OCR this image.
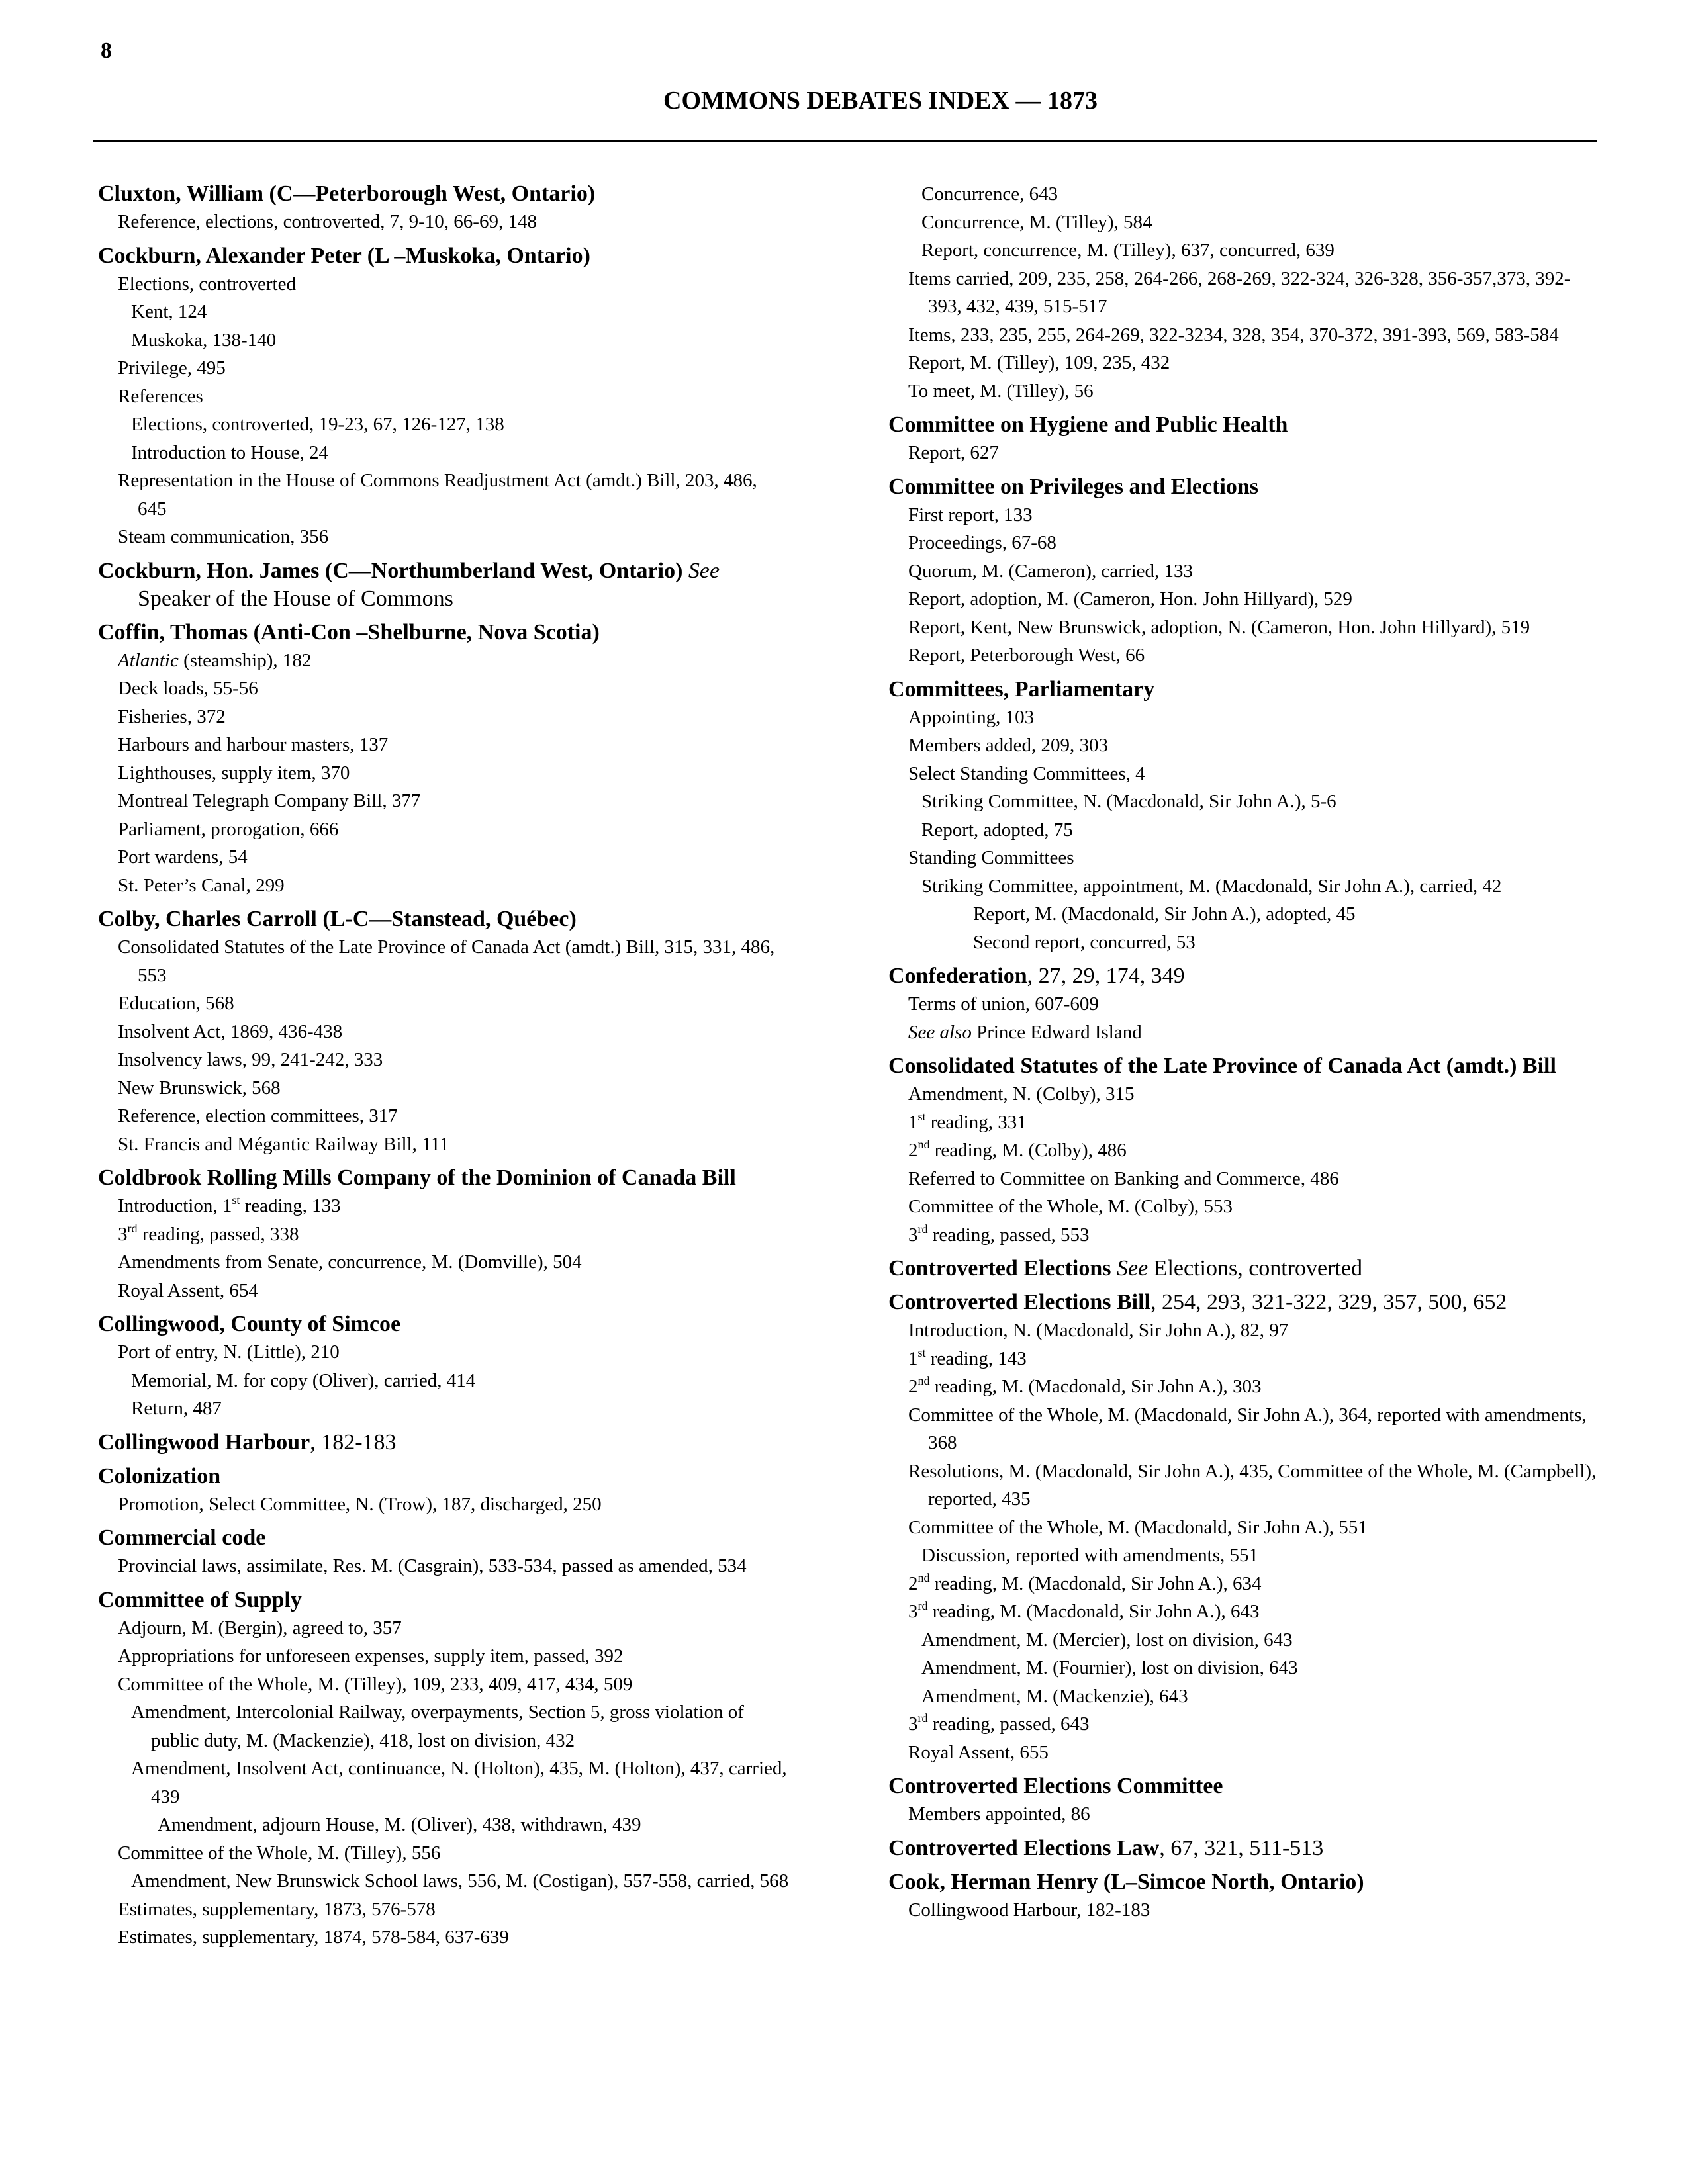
8
COMMONS DEBATES INDEX — 1873
Cluxton, William (C—Peterborough West, Ontario)
Reference, elections, controverted, 7, 9-10, 66-69, 148
Cockburn, Alexander Peter (L –Muskoka, Ontario)
Elections, controverted
Kent, 124
Muskoka, 138-140
Privilege, 495
References
Elections, controverted, 19-23, 67, 126-127, 138
Introduction to House, 24
Representation in the House of Commons Readjustment Act (amdt.) Bill, 203, 486, 645
Steam communication, 356
Cockburn, Hon. James (C—Northumberland West, Ontario) See Speaker of the House of Commons
Coffin, Thomas (Anti-Con –Shelburne, Nova Scotia)
Atlantic (steamship), 182
Deck loads, 55-56
Fisheries, 372
Harbours and harbour masters, 137
Lighthouses, supply item, 370
Montreal Telegraph Company Bill, 377
Parliament, prorogation, 666
Port wardens, 54
St. Peter’s Canal, 299
Colby, Charles Carroll (L-C—Stanstead, Québec)
Consolidated Statutes of the Late Province of Canada Act (amdt.) Bill, 315, 331, 486, 553
Education, 568
Insolvent Act, 1869, 436-438
Insolvency laws, 99, 241-242, 333
New Brunswick, 568
Reference, election committees, 317
St. Francis and Mégantic Railway Bill, 111
Coldbrook Rolling Mills Company of the Dominion of Canada Bill
Introduction, 1st reading, 133
3rd reading, passed, 338
Amendments from Senate, concurrence, M. (Domville), 504
Royal Assent, 654
Collingwood, County of Simcoe
Port of entry, N. (Little), 210
Memorial, M. for copy (Oliver), carried, 414
Return, 487
Collingwood Harbour, 182-183
Colonization
Promotion, Select Committee, N. (Trow), 187, discharged, 250
Commercial code
Provincial laws, assimilate, Res. M. (Casgrain), 533-534, passed as amended, 534
Committee of Supply
Adjourn, M. (Bergin), agreed to, 357
Appropriations for unforeseen expenses, supply item, passed, 392
Committee of the Whole, M. (Tilley), 109, 233, 409, 417, 434, 509
Amendment, Intercolonial Railway, overpayments, Section 5, gross violation of public duty, M. (Mackenzie), 418, lost on division, 432
Amendment, Insolvent Act, continuance, N. (Holton), 435, M. (Holton), 437, carried, 439
Amendment, adjourn House, M. (Oliver), 438, withdrawn, 439
Committee of the Whole, M. (Tilley), 556
Amendment, New Brunswick School laws, 556, M. (Costigan), 557-558, carried, 568
Estimates, supplementary, 1873, 576-578
Estimates, supplementary, 1874, 578-584, 637-639
Concurrence, 643
Concurrence, M. (Tilley), 584
Report, concurrence, M. (Tilley), 637, concurred, 639
Items carried, 209, 235, 258, 264-266, 268-269, 322-324, 326-328, 356-357,373, 392-393, 432, 439, 515-517
Items, 233, 235, 255, 264-269, 322-3234, 328, 354, 370-372, 391-393, 569, 583-584
Report, M. (Tilley), 109, 235, 432
To meet, M. (Tilley), 56
Committee on Hygiene and Public Health
Report, 627
Committee on Privileges and Elections
First report, 133
Proceedings, 67-68
Quorum, M. (Cameron), carried, 133
Report, adoption, M. (Cameron, Hon. John Hillyard), 529
Report, Kent, New Brunswick, adoption, N. (Cameron, Hon. John Hillyard), 519
Report, Peterborough West, 66
Committees, Parliamentary
Appointing, 103
Members added, 209, 303
Select Standing Committees, 4
Striking Committee, N. (Macdonald, Sir John A.), 5-6
Report, adopted, 75
Standing Committees
Striking Committee, appointment, M. (Macdonald, Sir John A.), carried, 42
Report, M. (Macdonald, Sir John A.), adopted, 45
Second report, concurred, 53
Confederation, 27, 29, 174, 349
Terms of union, 607-609
See also Prince Edward Island
Consolidated Statutes of the Late Province of Canada Act (amdt.) Bill
Amendment, N. (Colby), 315
1st reading, 331
2nd reading, M. (Colby), 486
Referred to Committee on Banking and Commerce, 486
Committee of the Whole, M. (Colby), 553
3rd reading, passed, 553
Controverted Elections See Elections, controverted
Controverted Elections Bill, 254, 293, 321-322, 329, 357, 500, 652
Introduction, N. (Macdonald, Sir John A.), 82, 97
1st reading, 143
2nd reading, M. (Macdonald, Sir John A.), 303
Committee of the Whole, M. (Macdonald, Sir John A.), 364, reported with amendments, 368
Resolutions, M. (Macdonald, Sir John A.), 435, Committee of the Whole, M. (Campbell), reported, 435
Committee of the Whole, M. (Macdonald, Sir John A.), 551
Discussion, reported with amendments, 551
2nd reading, M. (Macdonald, Sir John A.), 634
3rd reading, M. (Macdonald, Sir John A.), 643
Amendment, M. (Mercier), lost on division, 643
Amendment, M. (Fournier), lost on division, 643
Amendment, M. (Mackenzie), 643
3rd reading, passed, 643
Royal Assent, 655
Controverted Elections Committee
Members appointed, 86
Controverted Elections Law, 67, 321, 511-513
Cook, Herman Henry (L–Simcoe North, Ontario)
Collingwood Harbour, 182-183
